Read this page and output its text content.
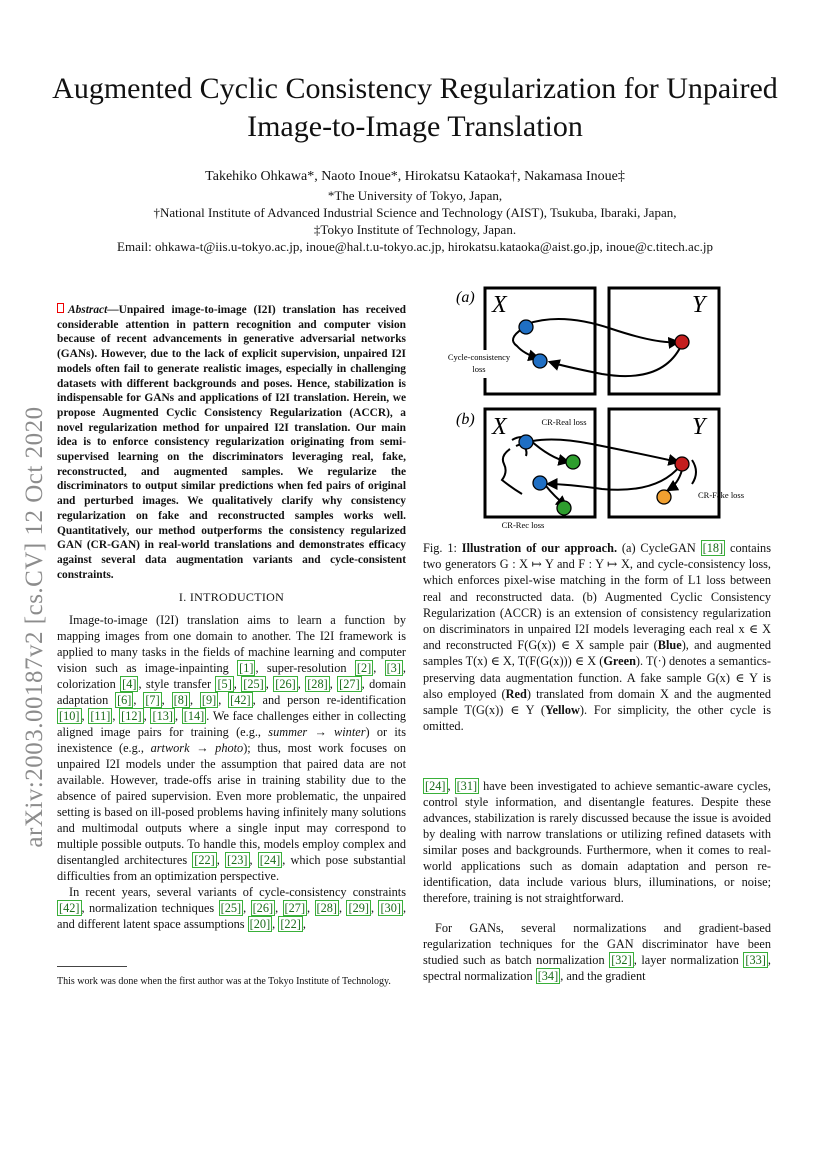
Augmented Cyclic Consistency Regularization for Unpaired Image-to-Image Translation
Takehiko Ohkawa*, Naoto Inoue*, Hirokatsu Kataoka†, Nakamasa Inoue‡
*The University of Tokyo, Japan,
†National Institute of Advanced Industrial Science and Technology (AIST), Tsukuba, Ibaraki, Japan,
‡Tokyo Institute of Technology, Japan.
Email: ohkawa-t@iis.u-tokyo.ac.jp, inoue@hal.t.u-tokyo.ac.jp, hirokatsu.kataoka@aist.go.jp, inoue@c.titech.ac.jp
arXiv:2003.00187v2 [cs.CV] 12 Oct 2020
Abstract—Unpaired image-to-image (I2I) translation has received considerable attention in pattern recognition and computer vision because of recent advancements in generative adversarial networks (GANs). However, due to the lack of explicit supervision, unpaired I2I models often fail to generate realistic images, especially in challenging datasets with different backgrounds and poses. Hence, stabilization is indispensable for GANs and applications of I2I translation. Herein, we propose Augmented Cyclic Consistency Regularization (ACCR), a novel regularization method for unpaired I2I translation. Our main idea is to enforce consistency regularization originating from semi-supervised learning on the discriminators leveraging real, fake, reconstructed, and augmented samples. We regularize the discriminators to output similar predictions when fed pairs of original and perturbed images. We qualitatively clarify why consistency regularization on fake and reconstructed samples works well. Quantitatively, our method outperforms the consistency regularized GAN (CR-GAN) in real-world translations and demonstrates efficacy against several data augmentation variants and cycle-consistent constraints.
I. INTRODUCTION

Image-to-image (I2I) translation aims to learn a function by mapping images from one domain to another. The I2I framework is applied to many tasks in the fields of machine learning and computer vision such as image-inpainting [1] , super-resolution [2] , [3] , colorization [4] , style transfer [5] , [25] , [26] , [28] , [27] , domain adaptation [6] , [7] , [8] , [9] , [42] , and person re-identification [10] , [11] , [12] , [13] , [14] . We face challenges either in collecting aligned image pairs for training (e.g., summer → winter) or its inexistence (e.g., artwork → photo); thus, most work focuses on unpaired I2I models under the assumption that paired data are not available. However, trade-offs arise in training stability due to the absence of paired supervision. Even more problematic, the unpaired setting is based on ill-posed problems having infinitely many solutions and multimodal outputs where a single input may correspond to multiple possible outputs. To handle this, models employ complex and disentangled architectures [22] , [23] , [24] , which pose substantial difficulties from an optimization perspective.

In recent years, several variants of cycle-consistency constraints [42] , normalization techniques [25] , [26] , [27] , [28] , [29] , [30] , and different latent space assumptions [20] , [22] ,

This work was done when the first author was at the Tokyo Institute of Technology.
(a) X	Y
Cycle-consistency
loss
(b) X	Y
CR-Real loss
CR-Fake loss
CR-Rec loss
Fig. 1: Illustration of our approach. (a) CycleGAN [18] contains two generators G : X ↦ Y and F : Y ↦ X, and cycle-consistency loss, which enforces pixel-wise matching in the form of L1 loss between real and reconstructed data. (b) Augmented Cyclic Consistency Regularization (ACCR) is an extension of consistency regularization on discriminators in unpaired I2I models leveraging each real x ∈ X and reconstructed F(G(x)) ∈ X sample pair (Blue), and augmented samples T(x) ∈ X, T(F(G(x))) ∈ X (Green). T(·) denotes a semantics-preserving data augmentation function. A fake sample G(x) ∈ Y is also employed (Red) translated from domain X and the augmented sample T(G(x)) ∈ Y (Yellow). For simplicity, the other cycle is omitted.

[24] , [31] have been investigated to achieve semantic-aware cycles, control style information, and disentangle features. Despite these advances, stabilization is rarely discussed because the issue is avoided by dealing with narrow translations or utilizing refined datasets with similar poses and backgrounds. Furthermore, when it comes to real-world applications such as domain adaptation and person re-identification, data include various blurs, illuminations, or noise; therefore, training is not straightforward.

For GANs, several normalizations and gradient-based regularization techniques for the GAN discriminator have been studied such as batch normalization [32] , layer normalization [33] , spectral normalization [34] , and the gradient
